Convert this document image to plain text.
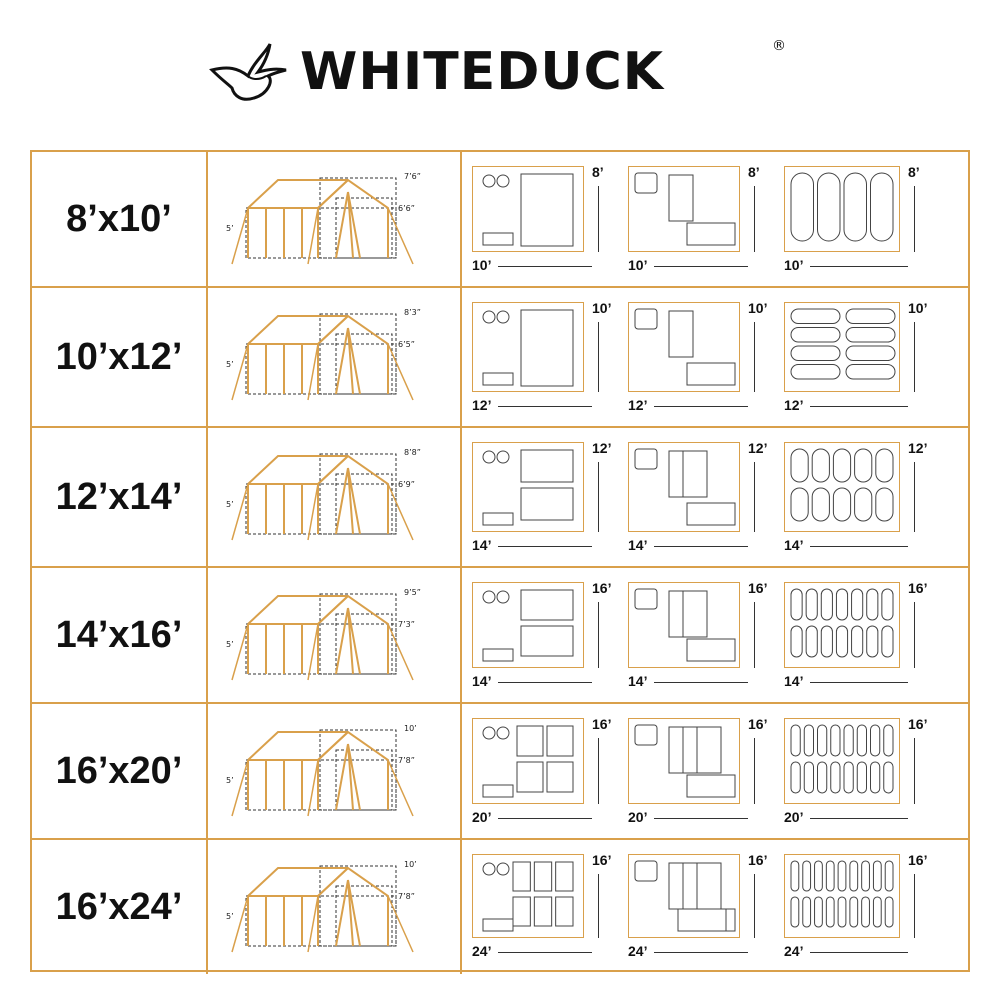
WHITEDUCK	®
8’x10’
7’6”
6’6”
5’
8’
10’
8’
10’
8’
10’
10’x12’
8’3”
6’5”
5’
10’
12’
10’
12’
10’
12’
12’x14’
8’8”
6’9”
5’
12’
14’
12’
14’
12’
14’
14’x16’
9’5”
7’3”
5’
16’
14’
16’
14’
16’
14’
16’x20’
10’
7’8”
5’
16’
20’
16’
20’
16’
20’
16’x24’
10’
7’8”
5’
16’
24’
16’
24’
16’
24’
